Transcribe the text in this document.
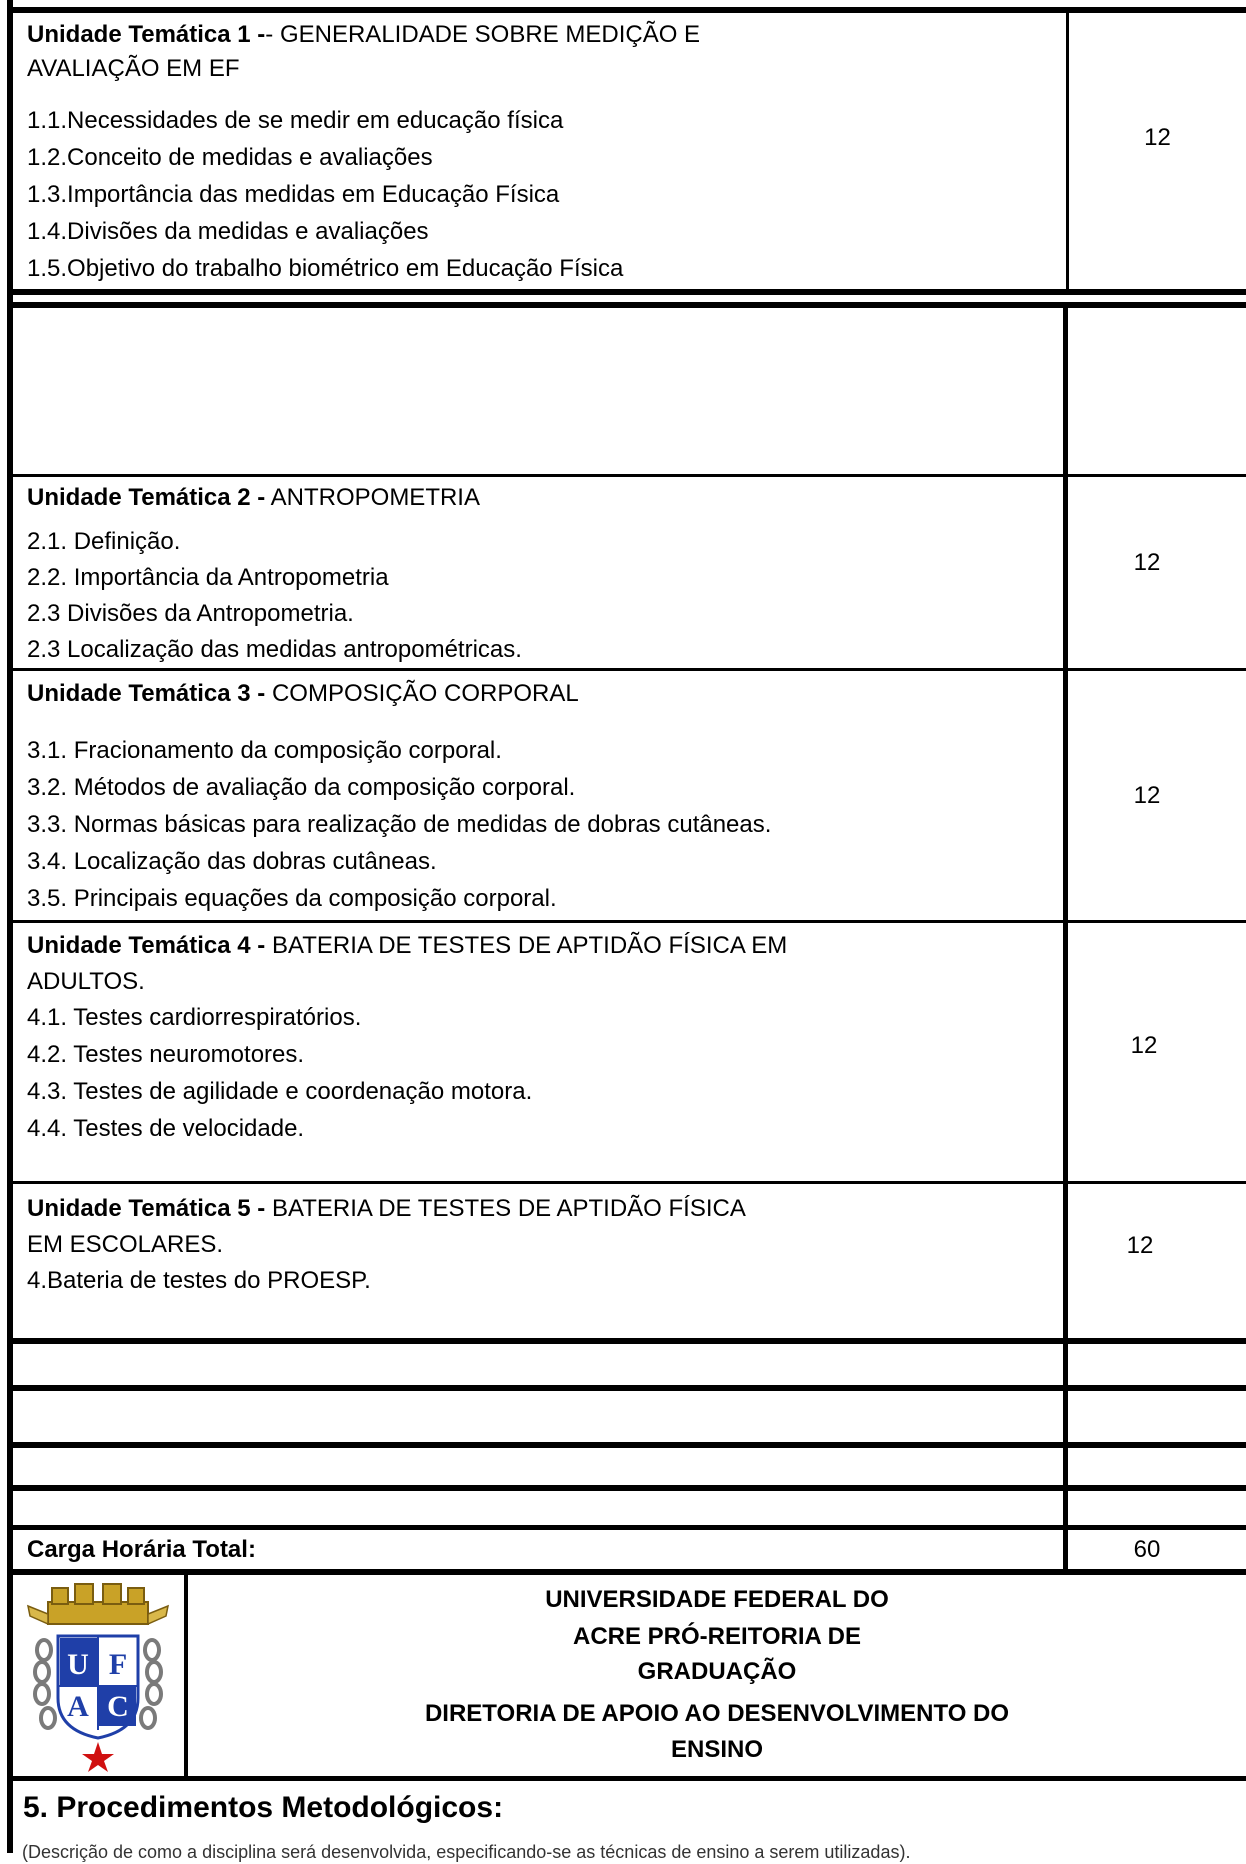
Unidade Temática 1 -- GENERALIDADE SOBRE MEDIÇÃO E
AVALIAÇÃO EM EF
1.1.Necessidades de se medir em educação física
1.2.Conceito de medidas e avaliações
1.3.Importância das medidas em Educação Física
1.4.Divisões da medidas e avaliações
1.5.Objetivo do trabalho biométrico em Educação Física
12
Unidade Temática 2 - ANTROPOMETRIA
2.1. Definição.
2.2. Importância da Antropometria
2.3 Divisões da Antropometria.
2.3 Localização das medidas antropométricas.
12
Unidade Temática 3 - COMPOSIÇÃO CORPORAL
3.1. Fracionamento da composição corporal.
3.2. Métodos de avaliação da composição corporal.
3.3. Normas básicas para realização de medidas de dobras cutâneas.
3.4. Localização das dobras cutâneas.
3.5. Principais equações da composição corporal.
12
Unidade Temática 4 - BATERIA DE TESTES DE APTIDÃO FÍSICA EM
ADULTOS.
4.1. Testes cardiorrespiratórios.
4.2. Testes neuromotores.
4.3. Testes de agilidade e coordenação motora.
4.4. Testes de velocidade.
12
Unidade Temática 5 - BATERIA DE TESTES DE APTIDÃO FÍSICA
EM ESCOLARES.
4.Bateria de testes do PROESP.
12
Carga Horária Total:	60
U F
A C
UNIVERSIDADE FEDERAL DO
ACRE PRÓ-REITORIA DE
GRADUAÇÃO
DIRETORIA DE APOIO AO DESENVOLVIMENTO DO
ENSINO
5. Procedimentos Metodológicos:
(Descrição de como a disciplina será desenvolvida, especificando-se as técnicas de ensino a serem utilizadas).
